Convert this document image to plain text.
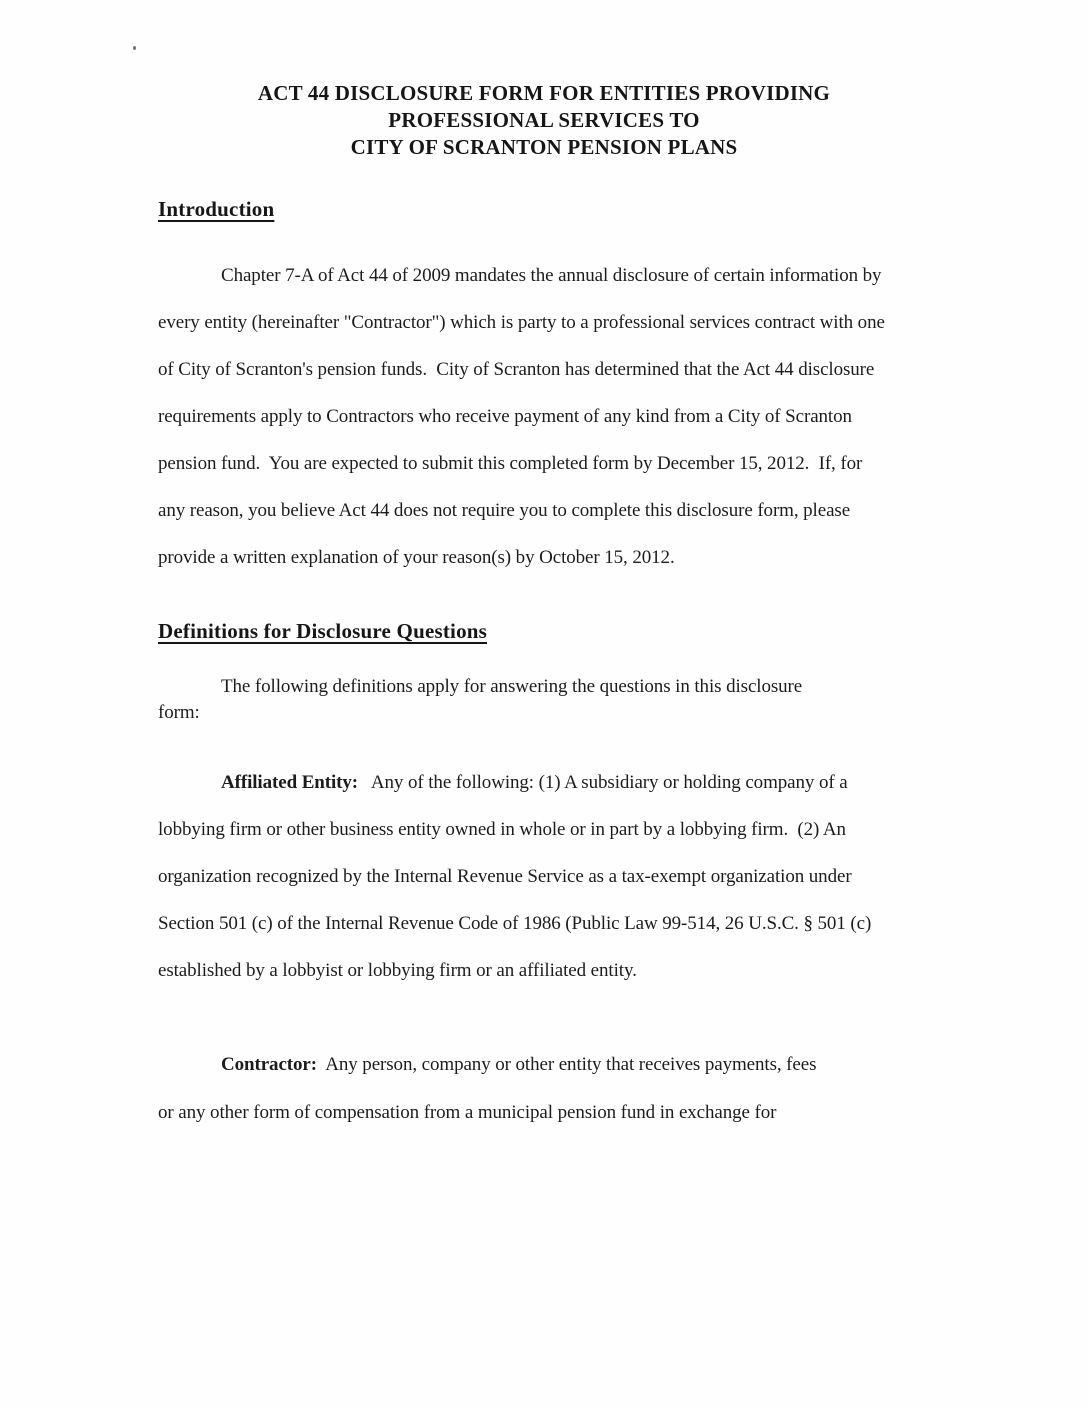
ACT 44 DISCLOSURE FORM FOR ENTITIES PROVIDING
PROFESSIONAL SERVICES TO
CITY OF SCRANTON PENSION PLANS
Introduction
Chapter 7-A of Act 44 of 2009 mandates the annual disclosure of certain information by
every entity (hereinafter "Contractor") which is party to a professional services contract with one
of City of Scranton's pension funds.  City of Scranton has determined that the Act 44 disclosure
requirements apply to Contractors who receive payment of any kind from a City of Scranton
pension fund.  You are expected to submit this completed form by December 15, 2012.  If, for
any reason, you believe Act 44 does not require you to complete this disclosure form, please
provide a written explanation of your reason(s) by October 15, 2012.
Definitions for Disclosure Questions
The following definitions apply for answering the questions in this disclosure
form:
Affiliated Entity:   Any of the following: (1) A subsidiary or holding company of a
lobbying firm or other business entity owned in whole or in part by a lobbying firm.  (2) An
organization recognized by the Internal Revenue Service as a tax-exempt organization under
Section 501 (c) of the Internal Revenue Code of 1986 (Public Law 99-514, 26 U.S.C. § 501 (c)
established by a lobbyist or lobbying firm or an affiliated entity.
Contractor:  Any person, company or other entity that receives payments, fees
or any other form of compensation from a municipal pension fund in exchange for
